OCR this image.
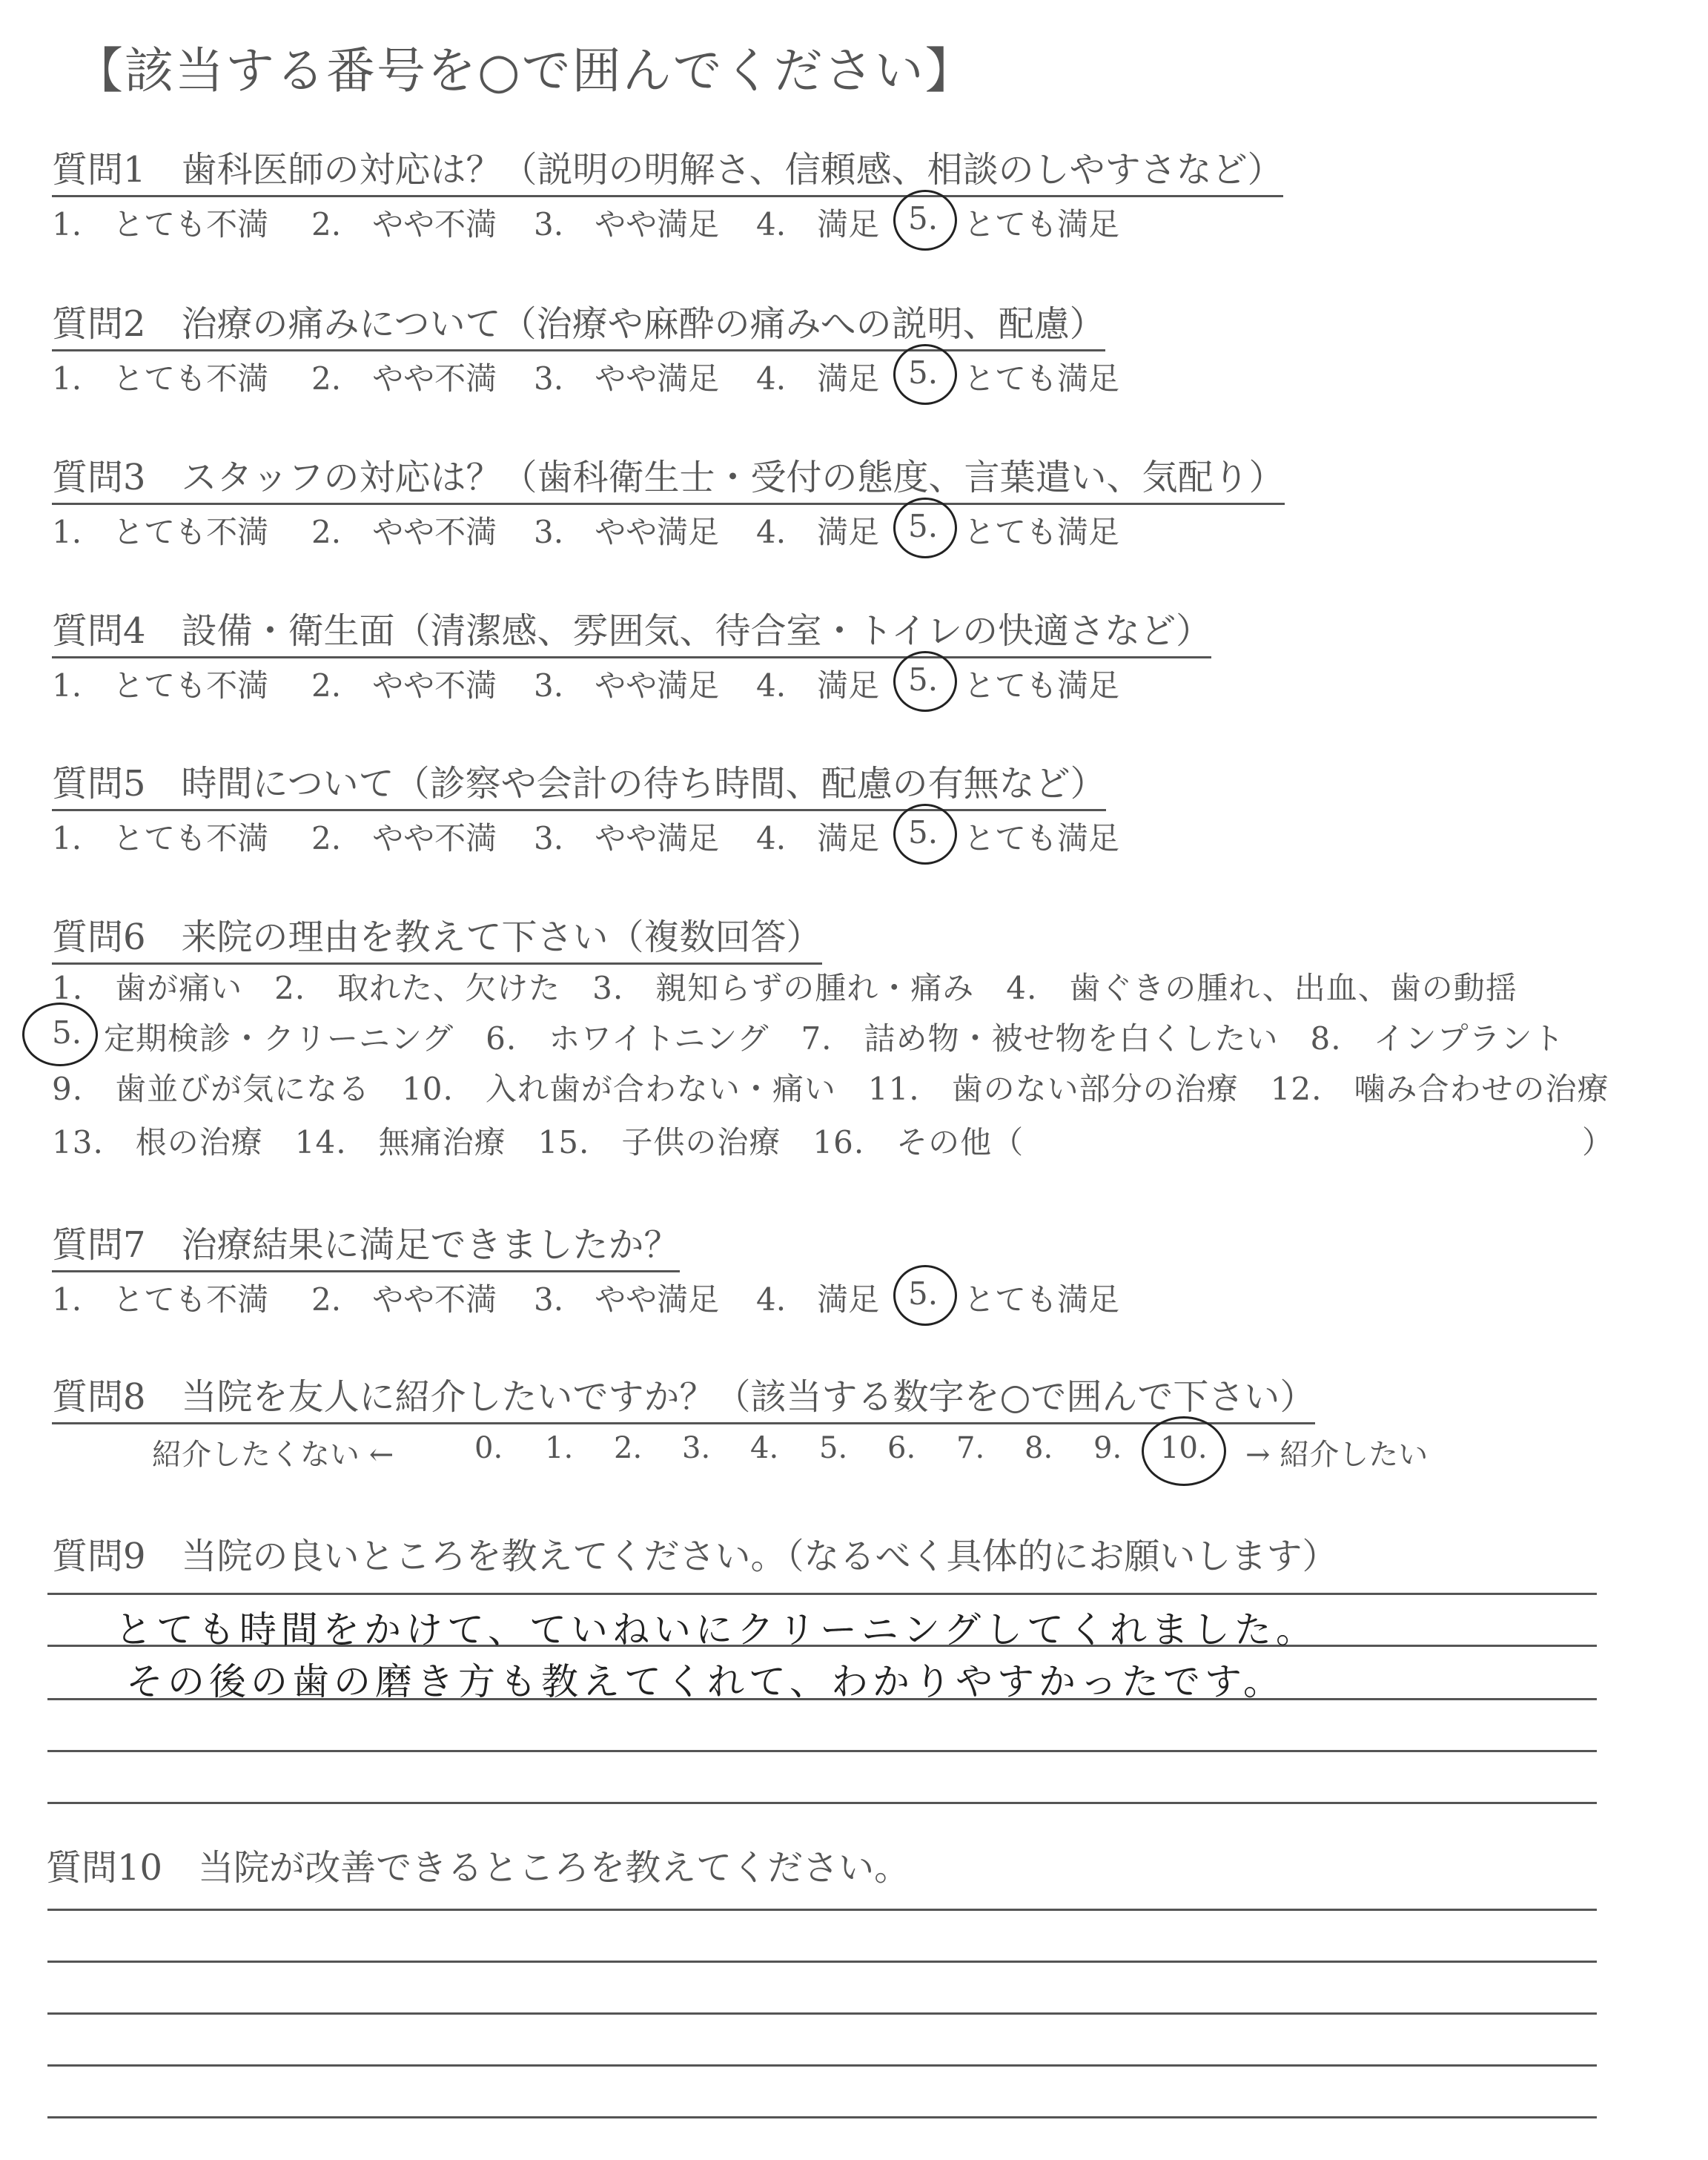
【該当する番号を○で囲んでください】
質問1　歯科医師の対応は？（説明の明解さ、信頼感、相談のしやすさなど）
1.　とても不満 2.　やや不満 3.　やや満足 4.　満足 5. とても満足
質問2　治療の痛みについて（治療や麻酔の痛みへの説明、配慮）
1.　とても不満 2.　やや不満 3.　やや満足 4.　満足 5. とても満足
質問3　スタッフの対応は？（歯科衛生士・受付の態度、言葉遣い、気配り）
1.　とても不満 2.　やや不満 3.　やや満足 4.　満足 5. とても満足
質問4　設備・衛生面（清潔感、雰囲気、待合室・トイレの快適さなど）
1.　とても不満 2.　やや不満 3.　やや満足 4.　満足 5. とても満足
質問5　時間について（診察や会計の待ち時間、配慮の有無など）
1.　とても不満 2.　やや不満 3.　やや満足 4.　満足 5. とても満足
質問7　治療結果に満足できましたか？
1.　とても不満 2.　やや不満 3.　やや満足 4.　満足 5. とても満足
質問6　来院の理由を教えて下さい（複数回答）
1.　歯が痛い　2.　取れた、欠けた　3.　親知らずの腫れ・痛み　4.　歯ぐきの腫れ、出血、歯の動揺
5. 定期検診・クリーニング　6.　ホワイトニング　7.　詰め物・被せ物を白くしたい　8.　インプラント
9.　歯並びが気になる　10.　入れ歯が合わない・痛い　11.　歯のない部分の治療　12.　噛み合わせの治療
13.　根の治療　14.　無痛治療　15.　子供の治療　16.　その他（	）
質問8　当院を友人に紹介したいですか？（該当する数字を○で囲んで下さい）
紹介したくない ←	0. 1. 2. 3. 4. 5. 6. 7. 8. 9. 10. → 紹介したい
質問9　当院の良いところを教えてください。（なるべく具体的にお願いします）
とても時間をかけて、ていねいにクリーニングしてくれました。
その後の歯の磨き方も教えてくれて、わかりやすかったです。
質問10　当院が改善できるところを教えてください。
